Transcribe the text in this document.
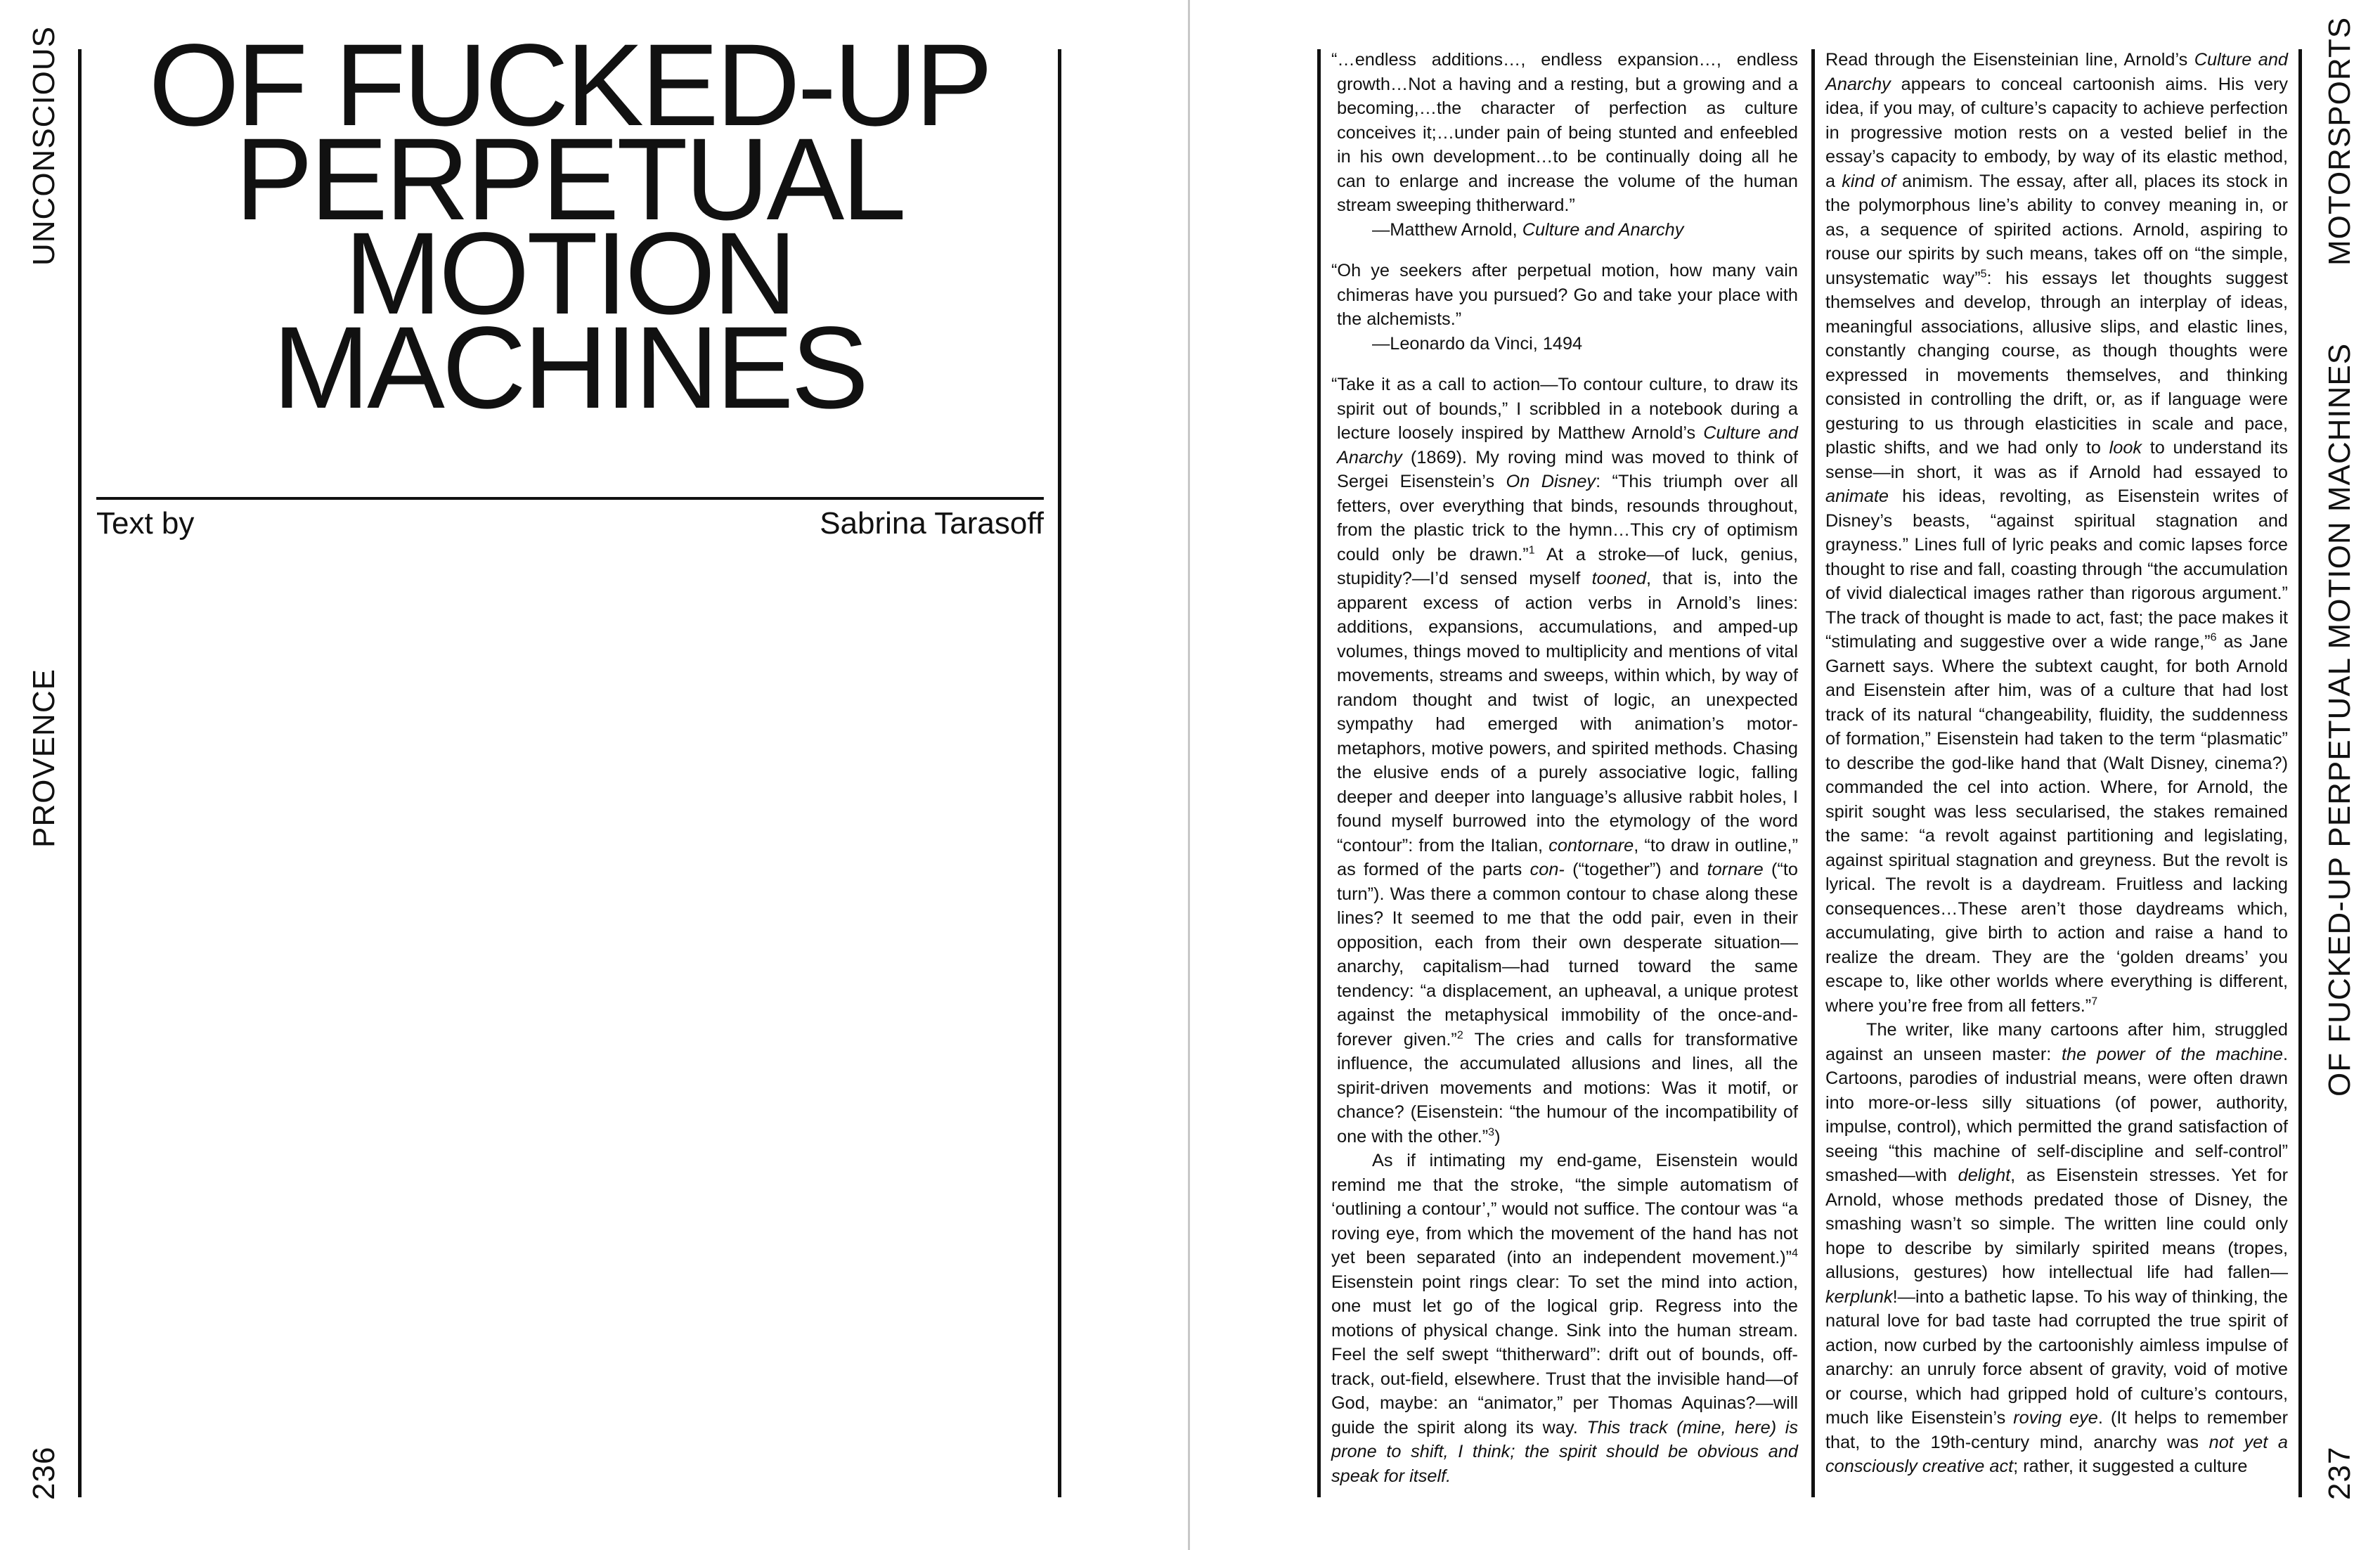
UNCONSCIOUS
PROVENCE
236
OF FUCKED-UP
PERPETUAL
MOTION
MACHINES
Text by	Sabrina Tarasoff
MOTORSPORTS
OF FUCKED-UP PERPETUAL MOTION MACHINES
237

“…endless additions…, endless expansion…, endless growth…Not a having and a resting, but a growing and a becoming,…the character of perfection as culture conceives it;…under pain of being stunted and enfeebled in his own development…to be continually doing all he can to enlarge and increase the volume of the human stream sweeping thitherward.”

—Matthew Arnold, Culture and Anarchy

“Oh ye seekers after perpetual motion, how many vain chimeras have you pursued? Go and take your place with the alchemists.”

—Leonardo da Vinci, 1494

“Take it as a call to action—To contour culture, to draw its spirit out of bounds,” I scribbled in a notebook during a lecture loosely inspired by Matthew Arnold’s Culture and Anarchy (1869). My roving mind was moved to think of Sergei Eisenstein’s On Disney: “This triumph over all fetters, over everything that binds, resounds throughout, from the plastic trick to the hymn…This cry of optimism could only be drawn.”$^1$ At a stroke—of luck, genius, stupidity?—I’d sensed myself tooned, that is, into the apparent excess of action verbs in Arnold’s lines: additions, expansions, accumulations, and amped-up volumes, things moved to multiplicity and mentions of vital movements, streams and sweeps, within which, by way of random thought and twist of logic, an unexpected sympathy had emerged with animation’s motor-metaphors, motive powers, and spirited methods. Chasing the elusive ends of a purely associative logic, falling deeper and deeper into language’s allusive rabbit holes, I found myself burrowed into the etymology of the word “contour”: from the Italian, contornare, “to draw in outline,” as formed of the parts con- (“together”) and tornare (“to turn”). Was there a common contour to chase along these lines? It seemed to me that the odd pair, even in their opposition, each from their own desperate situation—anarchy, capitalism—had turned toward the same tendency: “a displacement, an upheaval, a unique protest against the metaphysical immobility of the once-and-forever given.”$^2$ The cries and calls for transformative influence, the accumulated allusions and lines, all the spirit-driven movements and motions: Was it motif, or chance? (Eisenstein: “the humour of the incompatibility of one with the other.”$^3$)

As if intimating my end-game, Eisenstein would remind me that the stroke, “the simple automatism of ‘outlining a contour’,” would not suffice. The contour was “a roving eye, from which the movement of the hand has not yet been separated (into an independent movement.)”$^4$ Eisenstein point rings clear: To set the mind into action, one must let go of the logical grip. Regress into the motions of physical change. Sink into the human stream. Feel the self swept “thitherward”: drift out of bounds, off-track, out-field, elsewhere. Trust that the invisible hand—of God, maybe: an “animator,” per Thomas Aquinas?—will guide the spirit along its way. This track (mine, here) is prone to shift, I think; the spirit should be obvious and speak for itself.

Read through the Eisensteinian line, Arnold’s Culture and Anarchy appears to conceal cartoonish aims. His very idea, if you may, of culture’s capacity to achieve perfection in progressive motion rests on a vested belief in the essay’s capacity to embody, by way of its elastic method, a kind of animism. The essay, after all, places its stock in the polymorphous line’s ability to convey meaning in, or as, a sequence of spirited actions. Arnold, aspiring to rouse our spirits by such means, takes off on “the simple, unsystematic way”$^5$: his essays let thoughts suggest themselves and develop, through an interplay of ideas, meaningful associations, allusive slips, and elastic lines, constantly changing course, as though thoughts were expressed in movements themselves, and thinking consisted in controlling the drift, or, as if language were gesturing to us through elasticities in scale and pace, plastic shifts, and we had only to look to understand its sense—in short, it was as if Arnold had essayed to animate his ideas, revolting, as Eisenstein writes of Disney’s beasts, “against spiritual stagnation and grayness.” Lines full of lyric peaks and comic lapses force thought to rise and fall, coasting through “the accumulation of vivid dialectical images rather than rigorous argument.” The track of thought is made to act, fast; the pace makes it “stimulating and suggestive over a wide range,”$^6$ as Jane Garnett says. Where the subtext caught, for both Arnold and Eisenstein after him, was of a culture that had lost track of its natural “changeability, fluidity, the suddenness of formation,” Eisenstein had taken to the term “plasmatic” to describe the god-like hand that (Walt Disney, cinema?) commanded the cel into action. Where, for Arnold, the spirit sought was less secularised, the stakes remained the same: “a revolt against partitioning and legislating, against spiritual stagnation and greyness. But the revolt is lyrical. The revolt is a daydream. Fruitless and lacking consequences…These aren’t those daydreams which, accumulating, give birth to action and raise a hand to realize the dream. They are the ‘golden dreams’ you escape to, like other worlds where everything is different, where you’re free from all fetters.”$^7$

The writer, like many cartoons after him, struggled against an unseen master: the power of the machine. Cartoons, parodies of industrial means, were often drawn into more-or-less silly situations (of power, authority, impulse, control), which permitted the grand satisfaction of seeing “this machine of self-discipline and self-control” smashed—with delight, as Eisenstein stresses. Yet for Arnold, whose methods predated those of Disney, the smashing wasn’t so simple. The written line could only hope to describe by similarly spirited means (tropes, allusions, gestures) how intellectual life had fallen—kerplunk!—into a bathetic lapse. To his way of thinking, the natural love for bad taste had corrupted the true spirit of action, now curbed by the cartoonishly aimless impulse of anarchy: an unruly force absent of gravity, void of motive or course, which had gripped hold of culture’s contours, much like Eisenstein’s roving eye. (It helps to remember that, to the 19th-century mind, anarchy was not yet a consciously creative act; rather, it suggested a culture
